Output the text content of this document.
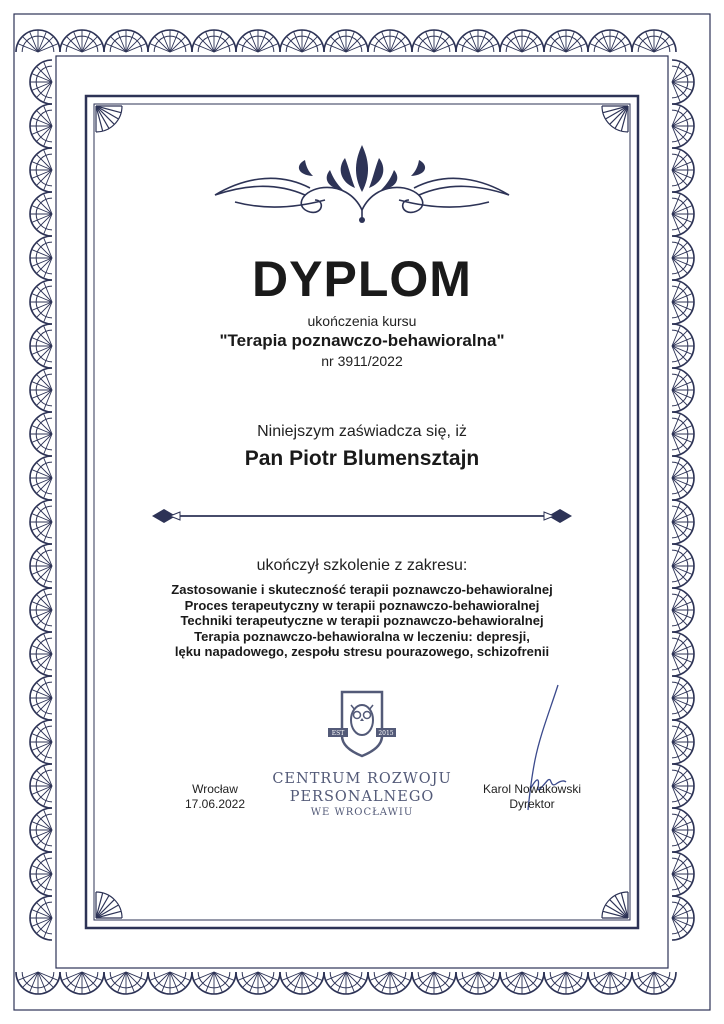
DYPLOM
ukończenia kursu
"Terapia poznawczo-behawioralna"
nr 3911/2022
Niniejszym zaświadcza się, iż
Pan Piotr Blumensztajn
ukończył szkolenie z zakresu:
Zastosowanie i skuteczność terapii poznawczo-behawioralnej
Proces terapeutyczny w terapii poznawczo-behawioralnej
Techniki terapeutyczne w terapii poznawczo-behawioralnej
Terapia poznawczo-behawioralna w leczeniu: depresji,
lęku napadowego, zespołu stresu pourazowego, schizofrenii
EST	2015
CENTRUM ROZWOJU
PERSONALNEGO
WE WROCŁAWIU
Wrocław
17.06.2022
Karol Nowakowski
Dyrektor
